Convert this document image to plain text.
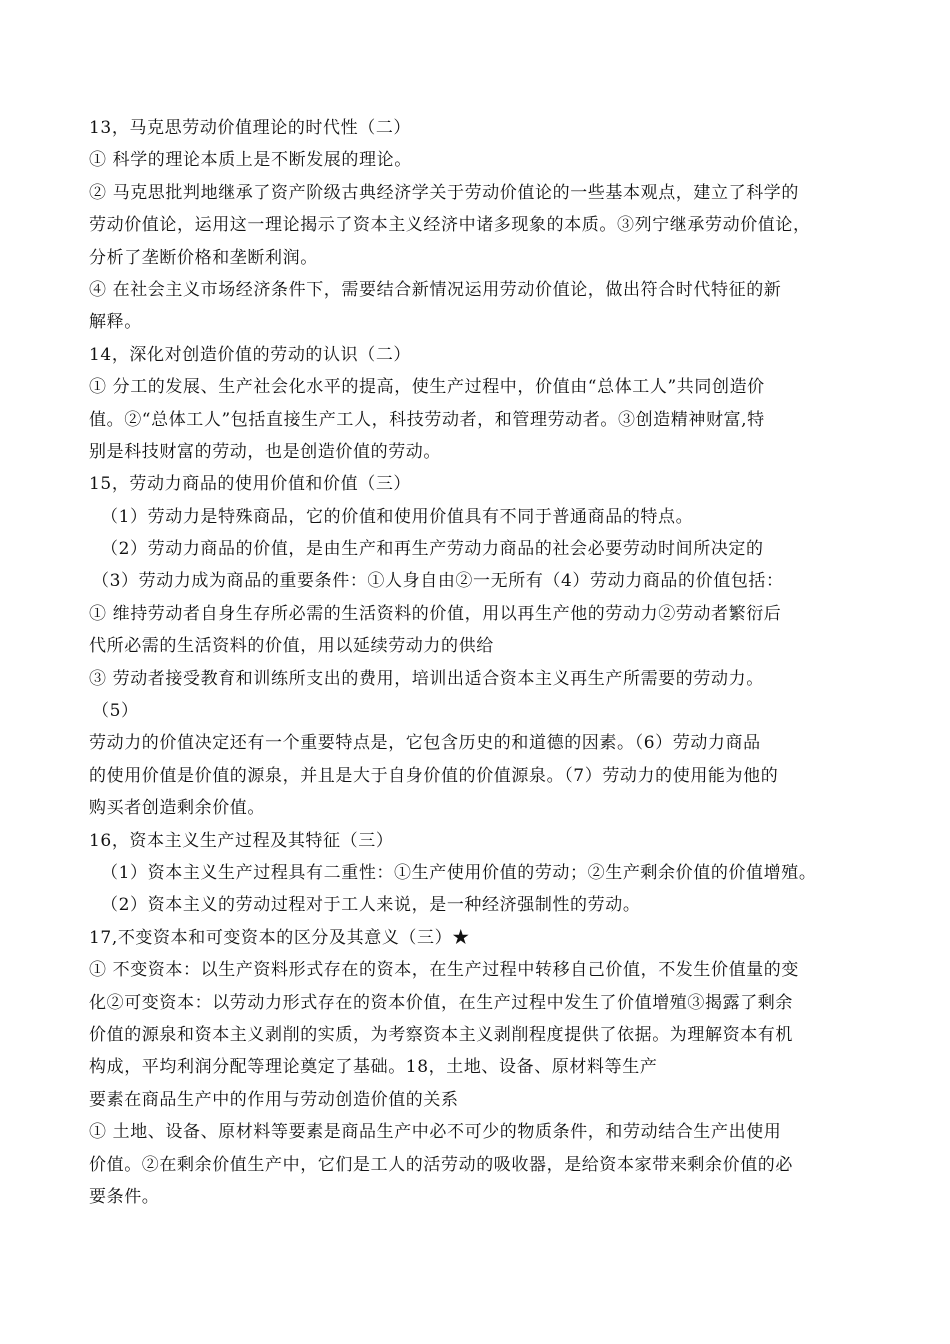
13，马克思劳动价值理论的时代性（二）
① 科学的理论本质上是不断发展的理论。
② 马克思批判地继承了资产阶级古典经济学关于劳动价值论的一些基本观点，建立了科学的
劳动价值论，运用这一理论揭示了资本主义经济中诸多现象的本质。③列宁继承劳动价值论，
分析了垄断价格和垄断利润。
④ 在社会主义市场经济条件下，需要结合新情况运用劳动价值论，做出符合时代特征的新
解释。
14，深化对创造价值的劳动的认识（二）
① 分工的发展、生产社会化水平的提高，使生产过程中，价值由“总体工人”共同创造价
值。②“总体工人”包括直接生产工人，科技劳动者，和管理劳动者。③创造精神财富,特
别是科技财富的劳动，也是创造价值的劳动。
15，劳动力商品的使用价值和价值（三）
（1）劳动力是特殊商品，它的价值和使用价值具有不同于普通商品的特点。
（2）劳动力商品的价值，是由生产和再生产劳动力商品的社会必要劳动时间所决定的
（3）劳动力成为商品的重要条件：①人身自由②一无所有（4）劳动力商品的价值包括：
① 维持劳动者自身生存所必需的生活资料的价值，用以再生产他的劳动力②劳动者繁衍后
代所必需的生活资料的价值，用以延续劳动力的供给
③ 劳动者接受教育和训练所支出的费用，培训出适合资本主义再生产所需要的劳动力。
（5）
劳动力的价值决定还有一个重要特点是，它包含历史的和道德的因素。（6）劳动力商品
的使用价值是价值的源泉，并且是大于自身价值的价值源泉。（7）劳动力的使用能为他的
购买者创造剩余价值。
16，资本主义生产过程及其特征（三）
（1）资本主义生产过程具有二重性：①生产使用价值的劳动；②生产剩余价值的价值增殖。
（2）资本主义的劳动过程对于工人来说，是一种经济强制性的劳动。
17,不变资本和可变资本的区分及其意义（三）★
① 不变资本：以生产资料形式存在的资本，在生产过程中转移自己价值，不发生价值量的变
化②可变资本：以劳动力形式存在的资本价值，在生产过程中发生了价值增殖③揭露了剩余
价值的源泉和资本主义剥削的实质，为考察资本主义剥削程度提供了依据。为理解资本有机
构成，平均利润分配等理论奠定了基础。18，土地、设备、原材料等生产
要素在商品生产中的作用与劳动创造价值的关系
① 土地、设备、原材料等要素是商品生产中必不可少的物质条件，和劳动结合生产出使用
价值。②在剩余价值生产中，它们是工人的活劳动的吸收器，是给资本家带来剩余价值的必
要条件。
